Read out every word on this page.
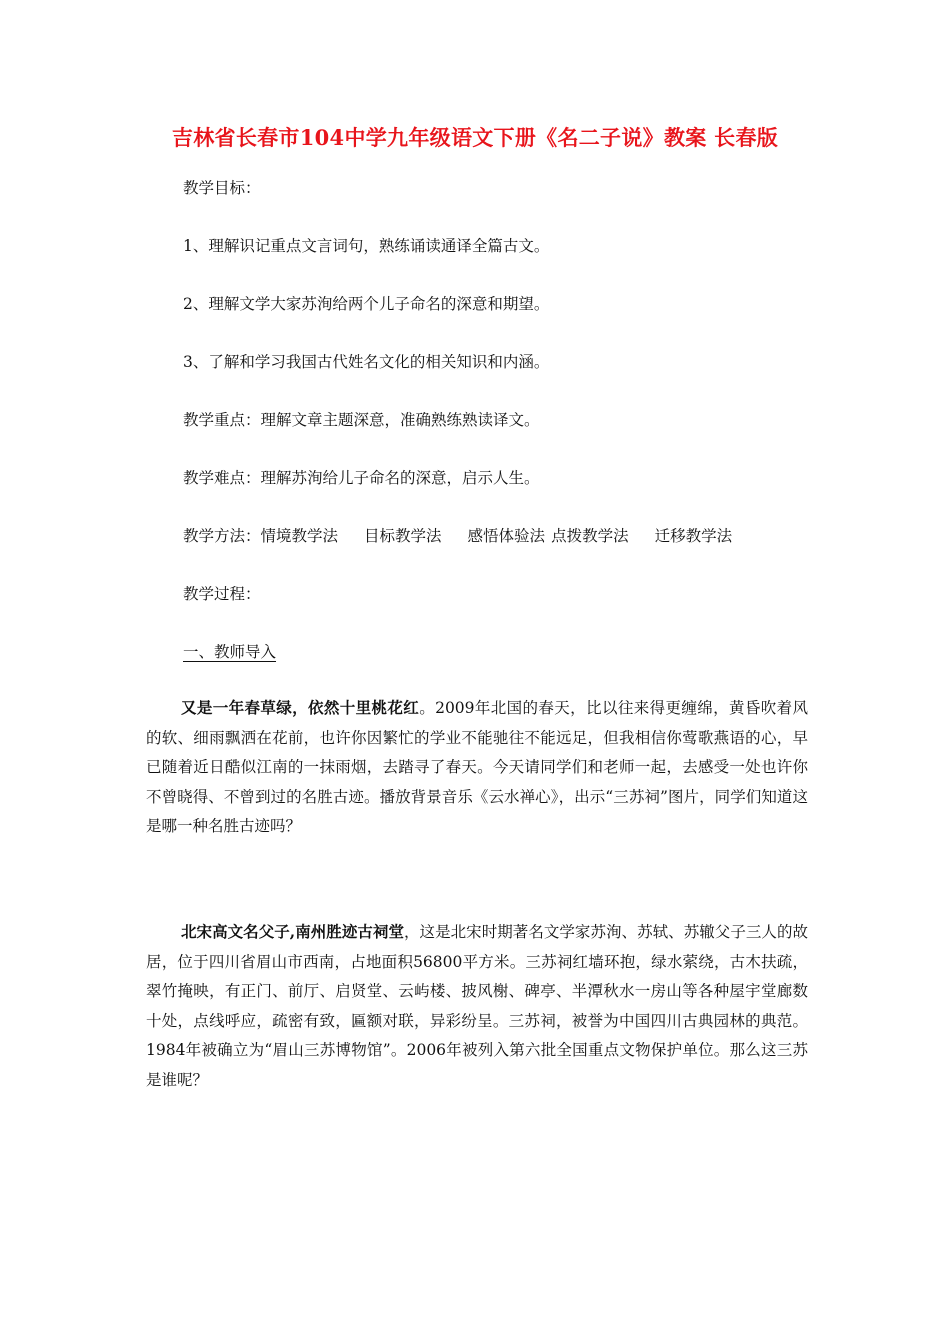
吉林省长春市104中学九年级语文下册《名二子说》教案 长春版
教学目标：
1、理解识记重点文言词句，熟练诵读通译全篇古文。
2、理解文学大家苏洵给两个儿子命名的深意和期望。
3、了解和学习我国古代姓名文化的相关知识和内涵。
教学重点：理解文章主题深意，准确熟练熟读译文。
教学难点：理解苏洵给儿子命名的深意，启示人生。
教学方法：情境教学法 目标教学法 感悟体验法 点拨教学法 迁移教学法
教学过程：
一、教师导入
又是一年春草绿，依然十里桃花红。2009年北国的春天，比以往来得更缠绵，黄昏吹着风的软、细雨飘洒在花前，也许你因繁忙的学业不能驰往不能远足，但我相信你莺歌燕语的心，早已随着近日酷似江南的一抹雨烟，去踏寻了春天。今天请同学们和老师一起，去感受一处也许你不曾晓得、不曾到过的名胜古迹。播放背景音乐《云水禅心》，出示“三苏祠”图片，同学们知道这是哪一种名胜古迹吗？
北宋高文名父子,南州胜迹古祠堂，这是北宋时期著名文学家苏洵、苏轼、苏辙父子三人的故居，位于四川省眉山市西南，占地面积56800平方米。三苏祠红墙环抱，绿水萦绕，古木扶疏，翠竹掩映，有正门、前厅、启贤堂、云屿楼、披风榭、碑亭、半潭秋水一房山等各种屋宇堂廊数十处，点线呼应，疏密有致，匾额对联，异彩纷呈。三苏祠，被誉为中国四川古典园林的典范。1984年被确立为“眉山三苏博物馆”。2006年被列入第六批全国重点文物保护单位。那么这三苏是谁呢？
